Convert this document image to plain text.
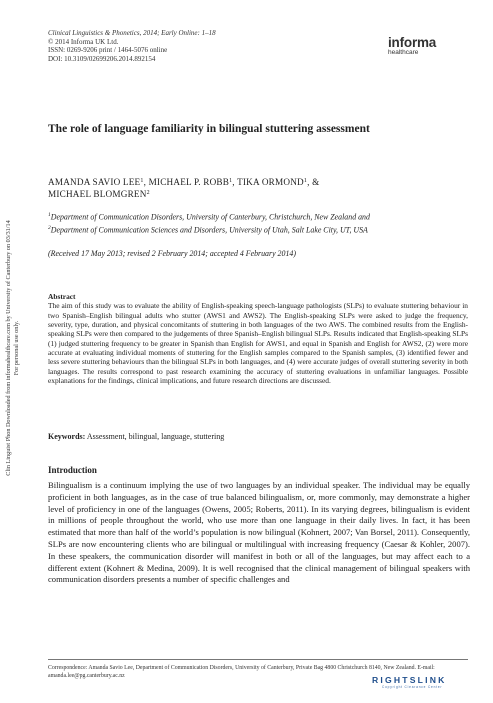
Clin Linguist Phon Downloaded from informahealthcare.com by University of Canterbury on 03/31/14 For personal use only.
Clinical Linguistics & Phonetics, 2014; Early Online: 1–18
© 2014 Informa UK Ltd.
ISSN: 0269-9206 print / 1464-5076 online
DOI: 10.3109/02699206.2014.892154
informa
healthcare
The role of language familiarity in bilingual stuttering assessment
AMANDA SAVIO LEE$^1$, MICHAEL P. ROBB$^1$, TIKA ORMOND$^1$, &
MICHAEL BLOMGREN$^2$
$^1$Department of Communication Disorders, University of Canterbury, Christchurch, New Zealand and
$^2$Department of Communication Sciences and Disorders, University of Utah, Salt Lake City, UT, USA
(Received 17 May 2013; revised 2 February 2014; accepted 4 February 2014)
Abstract
The aim of this study was to evaluate the ability of English-speaking speech-language pathologists (SLPs) to evaluate stuttering behaviour in two Spanish–English bilingual adults who stutter (AWS1 and AWS2). The English-speaking SLPs were asked to judge the frequency, severity, type, duration, and physical concomitants of stuttering in both languages of the two AWS. The combined results from the English-speaking SLPs were then compared to the judgements of three Spanish–English bilingual SLPs. Results indicated that English-speaking SLPs (1) judged stuttering frequency to be greater in Spanish than English for AWS1, and equal in Spanish and English for AWS2, (2) were more accurate at evaluating individual moments of stuttering for the English samples compared to the Spanish samples, (3) identified fewer and less severe stuttering behaviours than the bilingual SLPs in both languages, and (4) were accurate judges of overall stuttering severity in both languages. The results correspond to past research examining the accuracy of stuttering evaluations in unfamiliar languages. Possible explanations for the findings, clinical implications, and future research directions are discussed.
Keywords: Assessment, bilingual, language, stuttering
Introduction
Bilingualism is a continuum implying the use of two languages by an individual speaker. The individual may be equally proficient in both languages, as in the case of true balanced bilingualism, or, more commonly, may demonstrate a higher level of proficiency in one of the languages (Owens, 2005; Roberts, 2011). In its varying degrees, bilingualism is evident in millions of people throughout the world, who use more than one language in their daily lives. In fact, it has been estimated that more than half of the world’s population is now bilingual (Kohnert, 2007; Van Borsel, 2011). Consequently, SLPs are now encountering clients who are bilingual or multilingual with increasing frequency (Caesar & Kohler, 2007). In these speakers, the communication disorder will manifest in both or all of the languages, but may affect each to a different extent (Kohnert & Medina, 2009). It is well recognised that the clinical management of bilingual speakers with communication disorders presents a number of specific challenges and
Correspondence: Amanda Savio Lee, Department of Communication Disorders, University of Canterbury, Private Bag 4800 Christchurch 8140, New Zealand. E-mail: amanda.lee@pg.canterbury.ac.nz	RIGHTSLINK
Copyright Clearance Center
